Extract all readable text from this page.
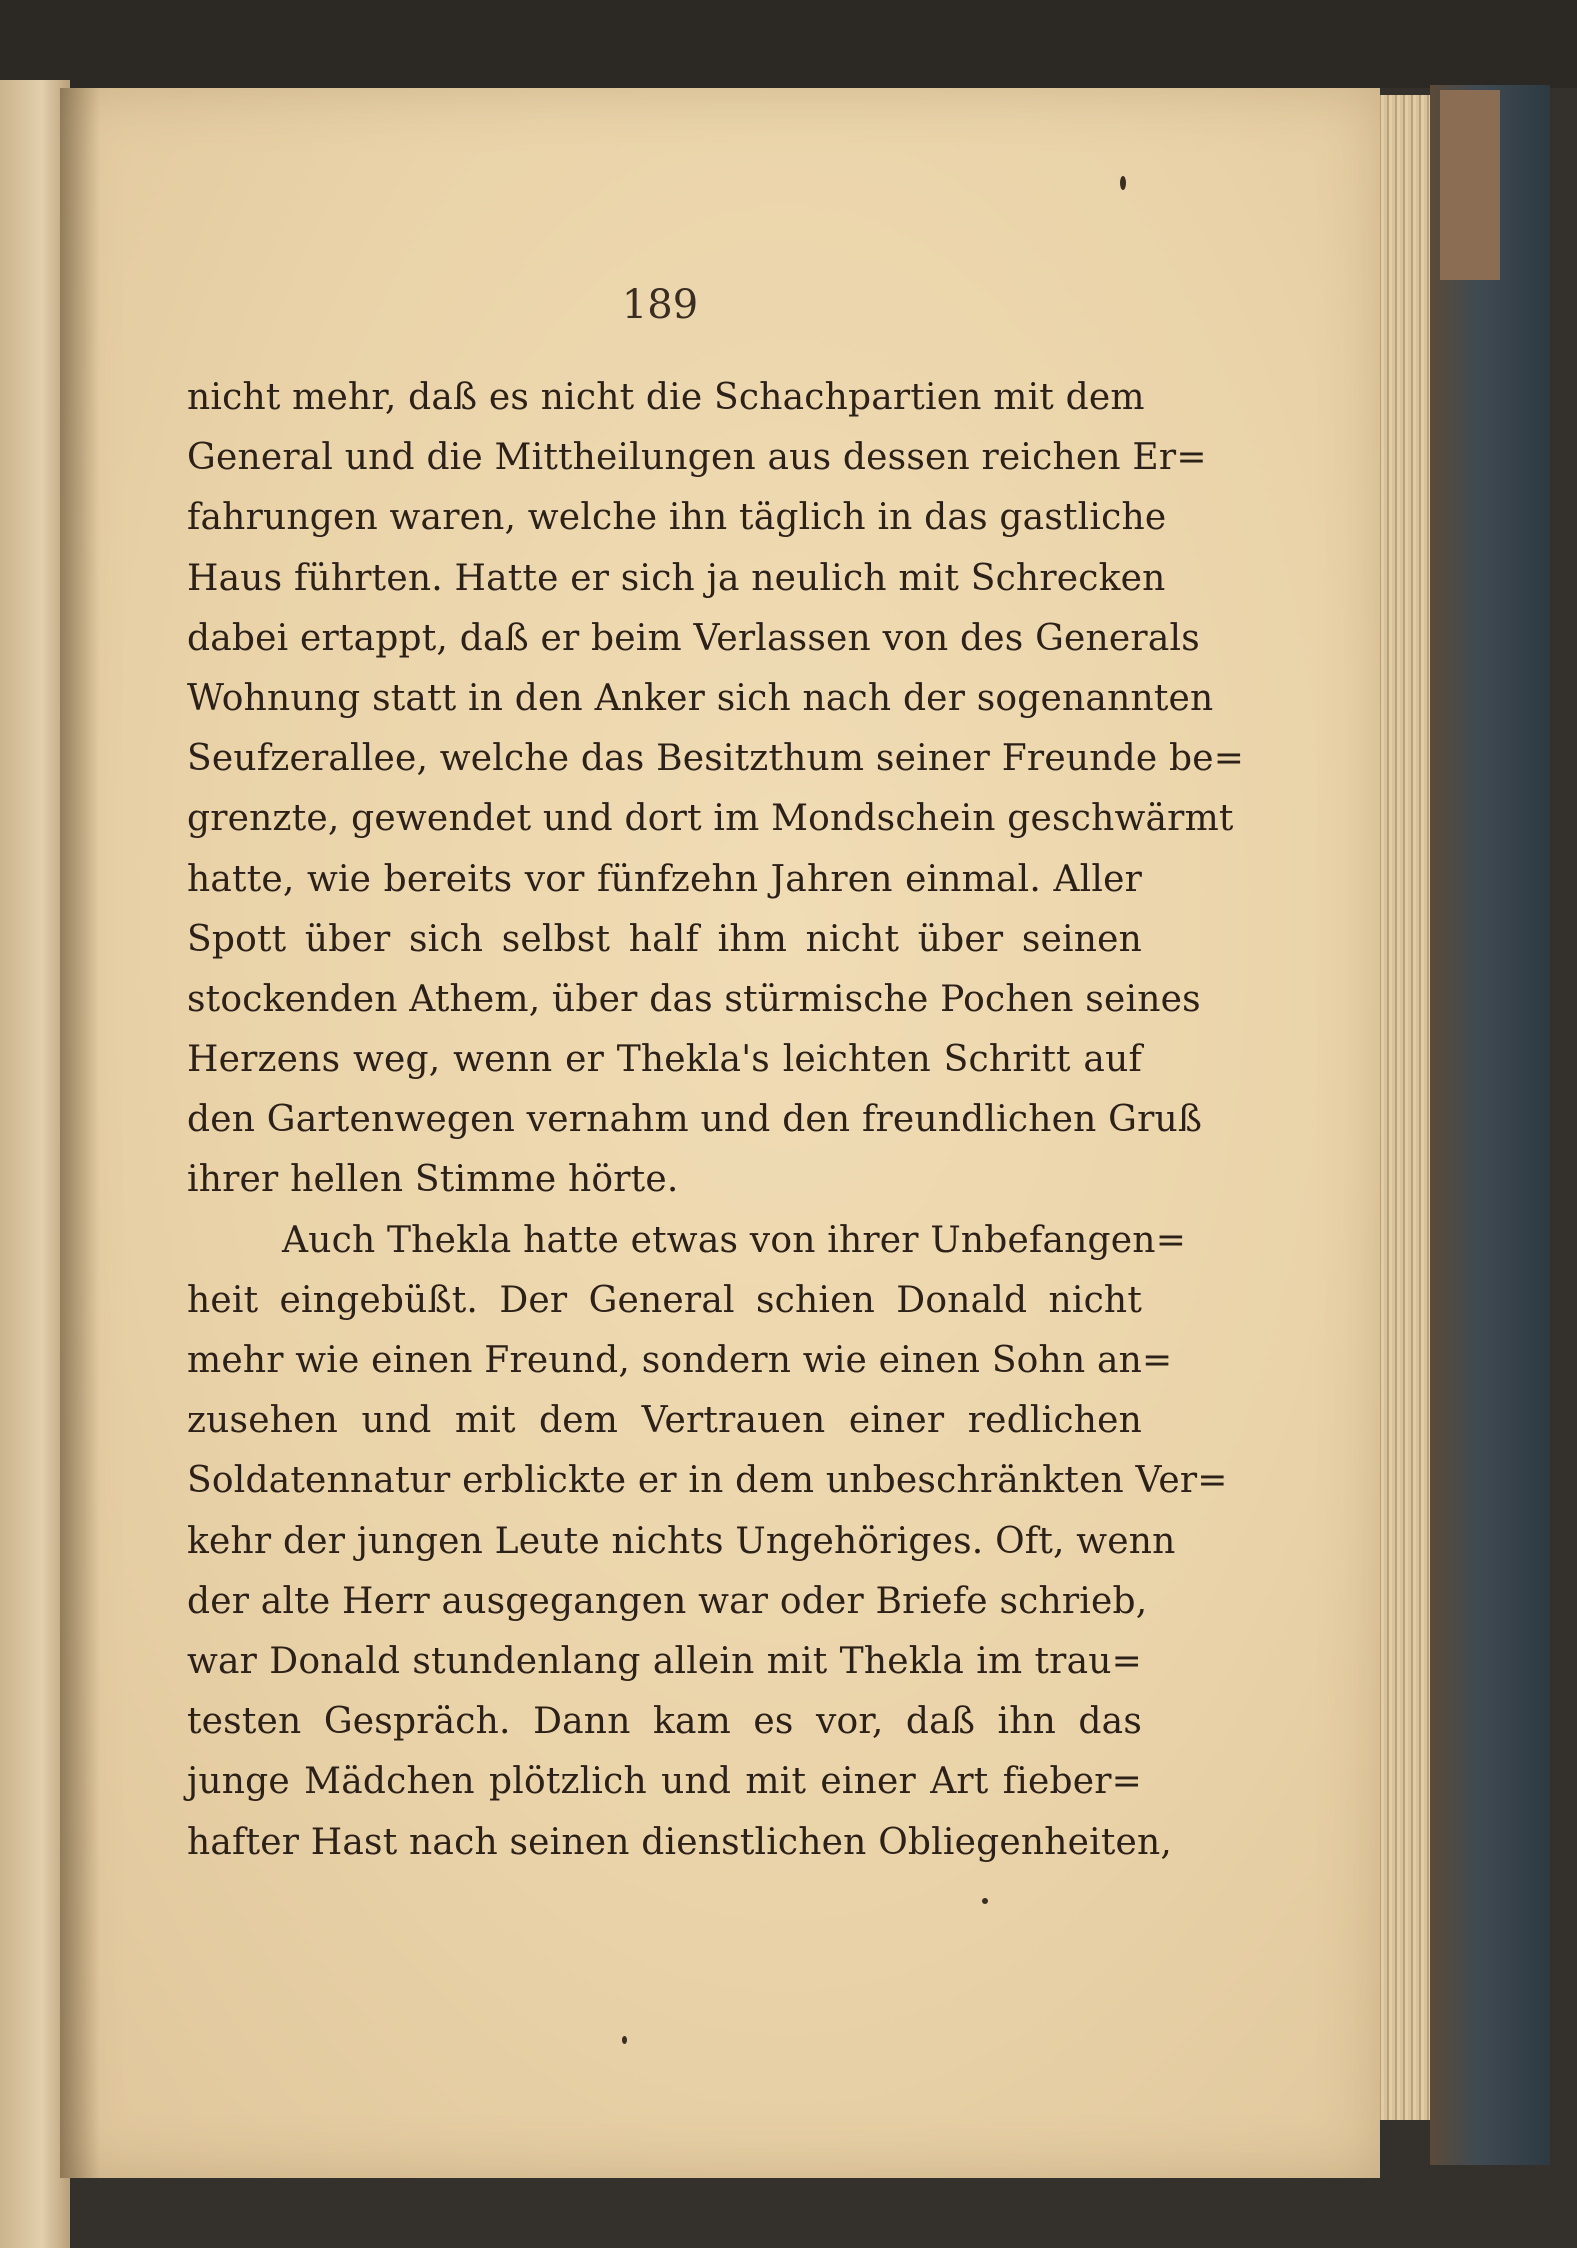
189
nicht mehr, daß es nicht die Schachpartien mit dem
General und die Mittheilungen aus dessen reichen Er=
fahrungen waren, welche ihn täglich in das gastliche
Haus führten. Hatte er sich ja neulich mit Schrecken
dabei ertappt, daß er beim Verlassen von des Generals
Wohnung statt in den Anker sich nach der sogenannten
Seufzerallee, welche das Besitzthum seiner Freunde be=
grenzte, gewendet und dort im Mondschein geschwärmt
hatte, wie bereits vor fünfzehn Jahren einmal. Aller
Spott über sich selbst half ihm nicht über seinen
stockenden Athem, über das stürmische Pochen seines
Herzens weg, wenn er Thekla's leichten Schritt auf
den Gartenwegen vernahm und den freundlichen Gruß
ihrer hellen Stimme hörte.
Auch Thekla hatte etwas von ihrer Unbefangen=
heit eingebüßt. Der General schien Donald nicht
mehr wie einen Freund, sondern wie einen Sohn an=
zusehen und mit dem Vertrauen einer redlichen
Soldatennatur erblickte er in dem unbeschränkten Ver=
kehr der jungen Leute nichts Ungehöriges. Oft, wenn
der alte Herr ausgegangen war oder Briefe schrieb,
war Donald stundenlang allein mit Thekla im trau=
testen Gespräch. Dann kam es vor, daß ihn das
junge Mädchen plötzlich und mit einer Art fieber=
hafter Hast nach seinen dienstlichen Obliegenheiten,
